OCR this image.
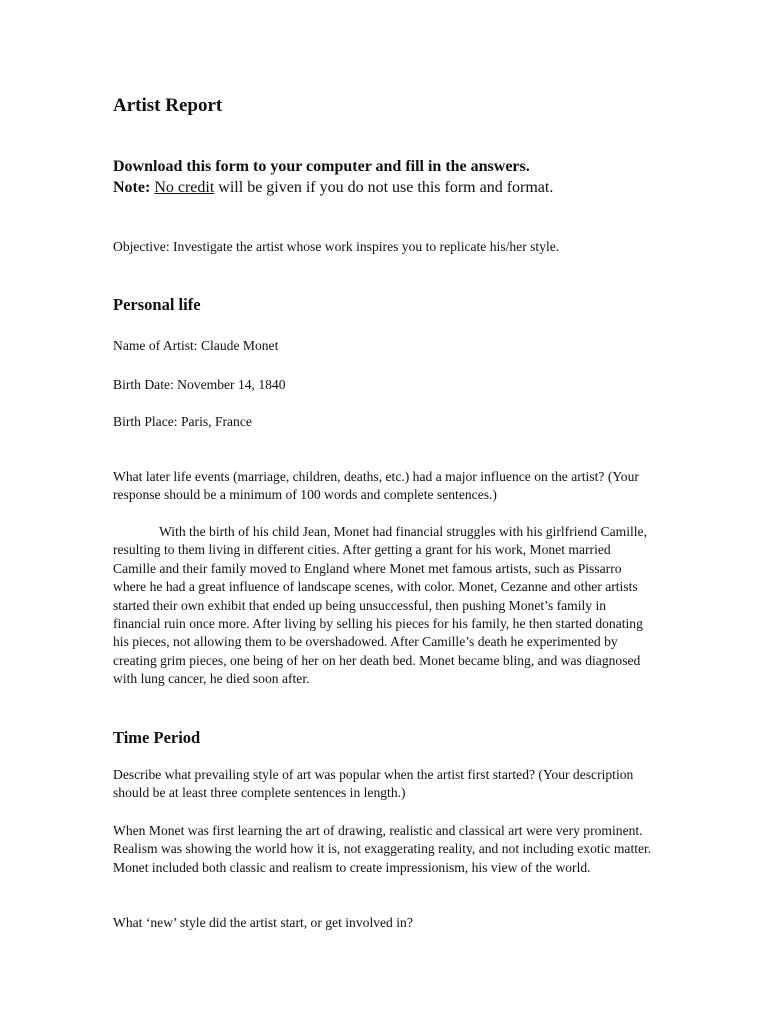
Artist Report
Download this form to your computer and fill in the answers.
Note: No credit will be given if you do not use this form and format.
Objective: Investigate the artist whose work inspires you to replicate his/her style.
Personal life
Name of Artist: Claude Monet
Birth Date: November 14, 1840
Birth Place: Paris, France
What later life events (marriage, children, deaths, etc.) had a major influence on the artist? (Your response should be a minimum of 100 words and complete sentences.)
With the birth of his child Jean, Monet had financial struggles with his girlfriend Camille, resulting to them living in different cities. After getting a grant for his work, Monet married Camille and their family moved to England where Monet met famous artists, such as Pissarro where he had a great influence of landscape scenes, with color. Monet, Cezanne and other artists started their own exhibit that ended up being unsuccessful, then pushing Monet’s family in financial ruin once more. After living by selling his pieces for his family, he then started donating his pieces, not allowing them to be overshadowed. After Camille’s death he experimented by creating grim pieces, one being of her on her death bed. Monet became bling, and was diagnosed with lung cancer, he died soon after.
Time Period
Describe what prevailing style of art was popular when the artist first started? (Your description should be at least three complete sentences in length.)
When Monet was first learning the art of drawing, realistic and classical art were very prominent. Realism was showing the world how it is, not exaggerating reality, and not including exotic matter. Monet included both classic and realism to create impressionism, his view of the world.
What ‘new’ style did the artist start, or get involved in?
